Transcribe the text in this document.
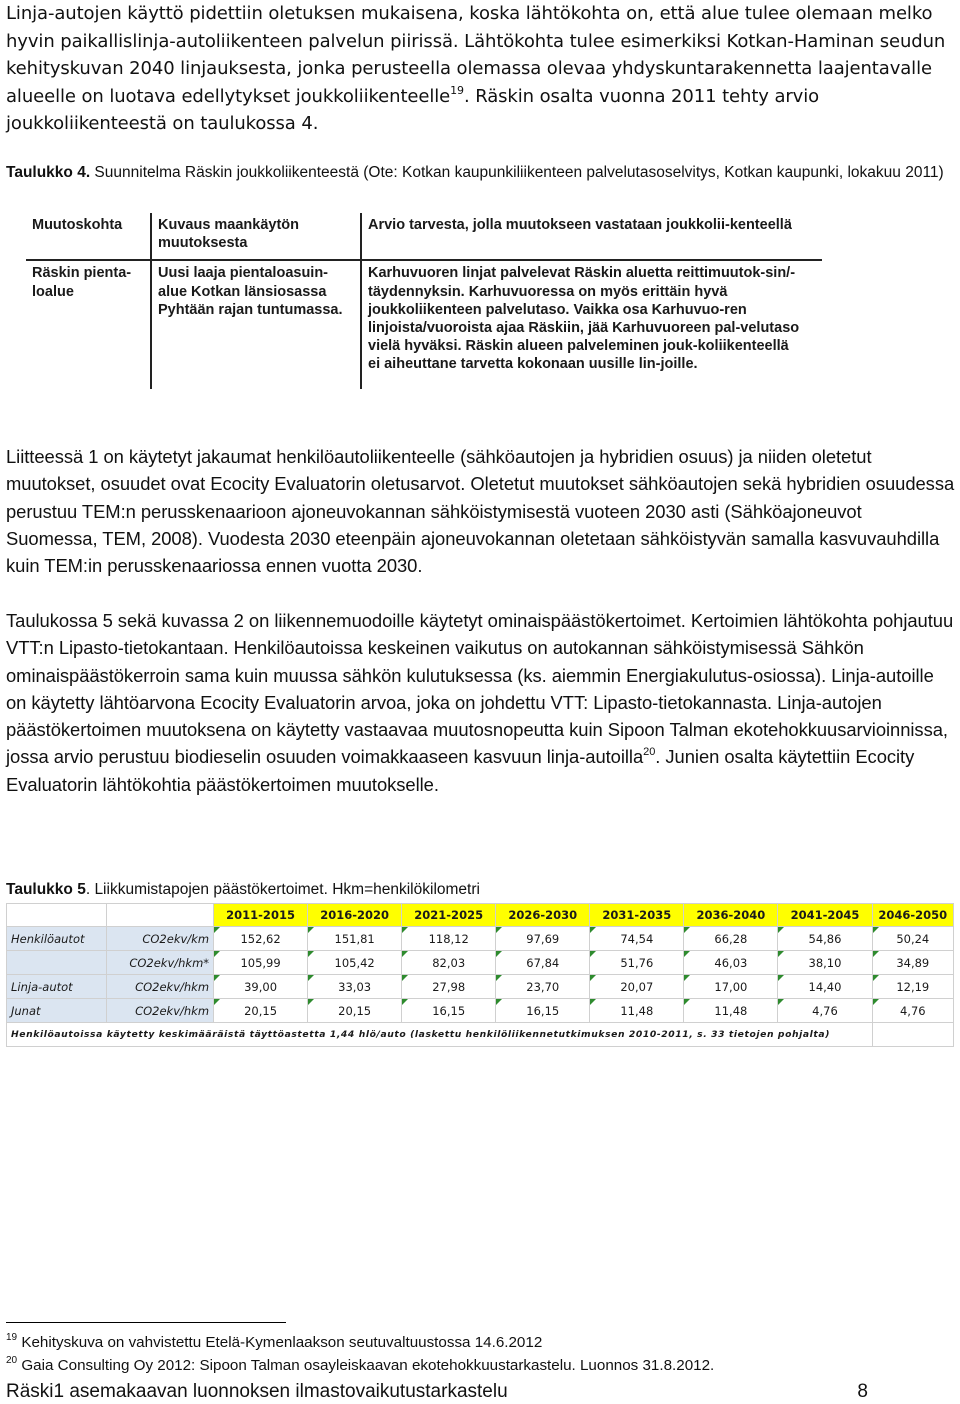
Linja-autojen käyttö pidettiin oletuksen mukaisena, koska lähtökohta on, että alue tulee olemaan melko hyvin paikallislinja-autoliikenteen palvelun piirissä. Lähtökohta tulee esimerkiksi Kotkan-Haminan seudun kehityskuvan 2040 linjauksesta, jonka perusteella olemassa olevaa yhdyskuntarakennetta laajentavalle alueelle on luotava edellytykset joukkoliikenteelle$^{19}$. Räskin osalta vuonna 2011 tehty arvio joukkoliikenteestä on taulukossa 4.
Taulukko 4. Suunnitelma Räskin joukkoliikenteestä (Ote: Kotkan kaupunkiliikenteen palvelutasoselvitys, Kotkan kaupunki, lokakuu 2011)
Muutoskohta	Kuvaus maankäytön muutoksesta	Arvio tarvesta, jolla muutokseen vastataan joukkolii-kenteellä
Räskin pienta-loalue	Uusi laaja pientaloasuin-alue Kotkan länsiosassa Pyhtään rajan tuntumassa.	Karhuvuoren linjat palvelevat Räskin aluetta reittimuutok-sin/-täydennyksin. Karhuvuoressa on myös erittäin hyvä joukkoliikenteen palvelutaso. Vaikka osa Karhuvuo-ren linjoista/vuoroista ajaa Räskiin, jää Karhuvuoreen pal-velutaso vielä hyväksi. Räskin alueen palveleminen jouk-koliikenteellä ei aiheuttane tarvetta kokonaan uusille lin-joille.
Liitteessä 1 on käytetyt jakaumat henkilöautoliikenteelle (sähköautojen ja hybridien osuus) ja niiden oletetut muutokset, osuudet ovat Ecocity Evaluatorin oletusarvot. Oletetut muutokset sähköautojen sekä hybridien osuudessa perustuu TEM:n perusskenaarioon ajoneuvokannan sähköistymisestä vuoteen 2030 asti (Sähköajoneuvot Suomessa, TEM, 2008). Vuodesta 2030 eteenpäin ajoneuvokannan oletetaan sähköistyvän samalla kasvuvauhdilla kuin TEM:in perusskenaariossa ennen vuotta 2030.
Taulukossa 5 sekä kuvassa 2 on liikennemuodoille käytetyt ominaispäästökertoimet. Kertoimien lähtökohta pohjautuu VTT:n Lipasto-tietokantaan. Henkilöautoissa keskeinen vaikutus on autokannan sähköistymisessä Sähkön ominaispäästökerroin sama kuin muussa sähkön kulutuksessa (ks. aiemmin Energiakulutus-osiossa). Linja-autoille on käytetty lähtöarvona Ecocity Evaluatorin arvoa, joka on johdettu VTT: Lipasto-tietokannasta. Linja-autojen päästökertoimen muutoksena on käytetty vastaavaa muutosnopeutta kuin Sipoon Talman ekotehokkuusarvioinnissa, jossa arvio perustuu biodieselin osuuden voimakkaaseen kasvuun linja-autoilla$^{20}$. Junien osalta käytettiin Ecocity Evaluatorin lähtökohtia päästökertoimen muutokselle.
Taulukko 5. Liikkumistapojen päästökertoimet. Hkm=henkilökilometri
		2011-2015	2016-2020	2021-2025	2026-2030	2031-2035	2036-2040	2041-2045	2046-2050
Henkilöautot	CO2ekv/km	152,62	151,81	118,12	97,69	74,54	66,28	54,86	50,24
	CO2ekv/hkm*	105,99	105,42	82,03	67,84	51,76	46,03	38,10	34,89
Linja-autot	CO2ekv/hkm	39,00	33,03	27,98	23,70	20,07	17,00	14,40	12,19
Junat	CO2ekv/hkm	20,15	20,15	16,15	16,15	11,48	11,48	4,76	4,76
Henkilöautoissa käytetty keskimääräistä täyttöastetta 1,44 hlö/auto (laskettu henkilöliikennetutkimuksen 2010-2011, s. 33 tietojen pohjalta)									
$^{19}$ Kehityskuva on vahvistettu Etelä-Kymenlaakson seutuvaltuustossa 14.6.2012
$^{20}$ Gaia Consulting Oy 2012: Sipoon Talman osayleiskaavan ekotehokkuustarkastelu. Luonnos 31.8.2012.
Räski1 asemakaavan luonnoksen ilmastovaikutustarkastelu	8
